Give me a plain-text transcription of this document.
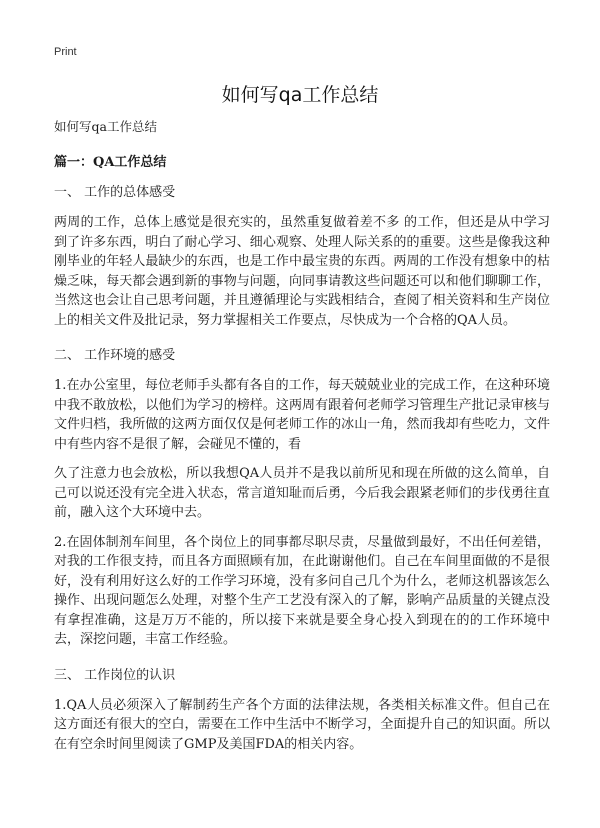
Print
如何写qa工作总结
如何写qa工作总结
篇一：QA工作总结
一、 工作的总体感受
两周的工作，总体上感觉是很充实的，虽然重复做着差不多 的工作，但还是从中学习到了许多东西，明白了耐心学习、细心观察、处理人际关系的的重要。这些是像我这种刚毕业的年轻人最缺少的东西，也是工作中最宝贵的东西。两周的工作没有想象中的枯燥乏味，每天都会遇到新的事物与问题，向同事请教这些问题还可以和他们聊聊工作，当然这也会让自己思考问题，并且遵循理论与实践相结合，查阅了相关资料和生产岗位上的相关文件及批记录，努力掌握相关工作要点，尽快成为一个合格的QA人员。
二、 工作环境的感受
1.在办公室里，每位老师手头都有各自的工作，每天兢兢业业的完成工作，在这种环境中我不敢放松，以他们为学习的榜样。这两周有跟着何老师学习管理生产批记录审核与文件归档，我所做的这两方面仅仅是何老师工作的冰山一角，然而我却有些吃力，文件中有些内容不是很了解，会碰见不懂的，看
久了注意力也会放松，所以我想QA人员并不是我以前所见和现在所做的这么简单，自己可以说还没有完全进入状态，常言道知耻而后勇，今后我会跟紧老师们的步伐勇往直前，融入这个大环境中去。
2.在固体制剂车间里，各个岗位上的同事都尽职尽责，尽量做到最好，不出任何差错，对我的工作很支持，而且各方面照顾有加，在此谢谢他们。自己在车间里面做的不是很好，没有利用好这么好的工作学习环境，没有多问自己几个为什么，老师这机器该怎么操作、出现问题怎么处理，对整个生产工艺没有深入的了解，影响产品质量的关键点没有拿捏准确，这是万万不能的，所以接下来就是要全身心投入到现在的的工作环境中去，深挖问题，丰富工作经验。
三、 工作岗位的认识
1.QA人员必须深入了解制药生产各个方面的法律法规，各类相关标准文件。但自己在这方面还有很大的空白，需要在工作中生活中不断学习，全面提升自己的知识面。所以在有空余时间里阅读了GMP及美国FDA的相关内容。
